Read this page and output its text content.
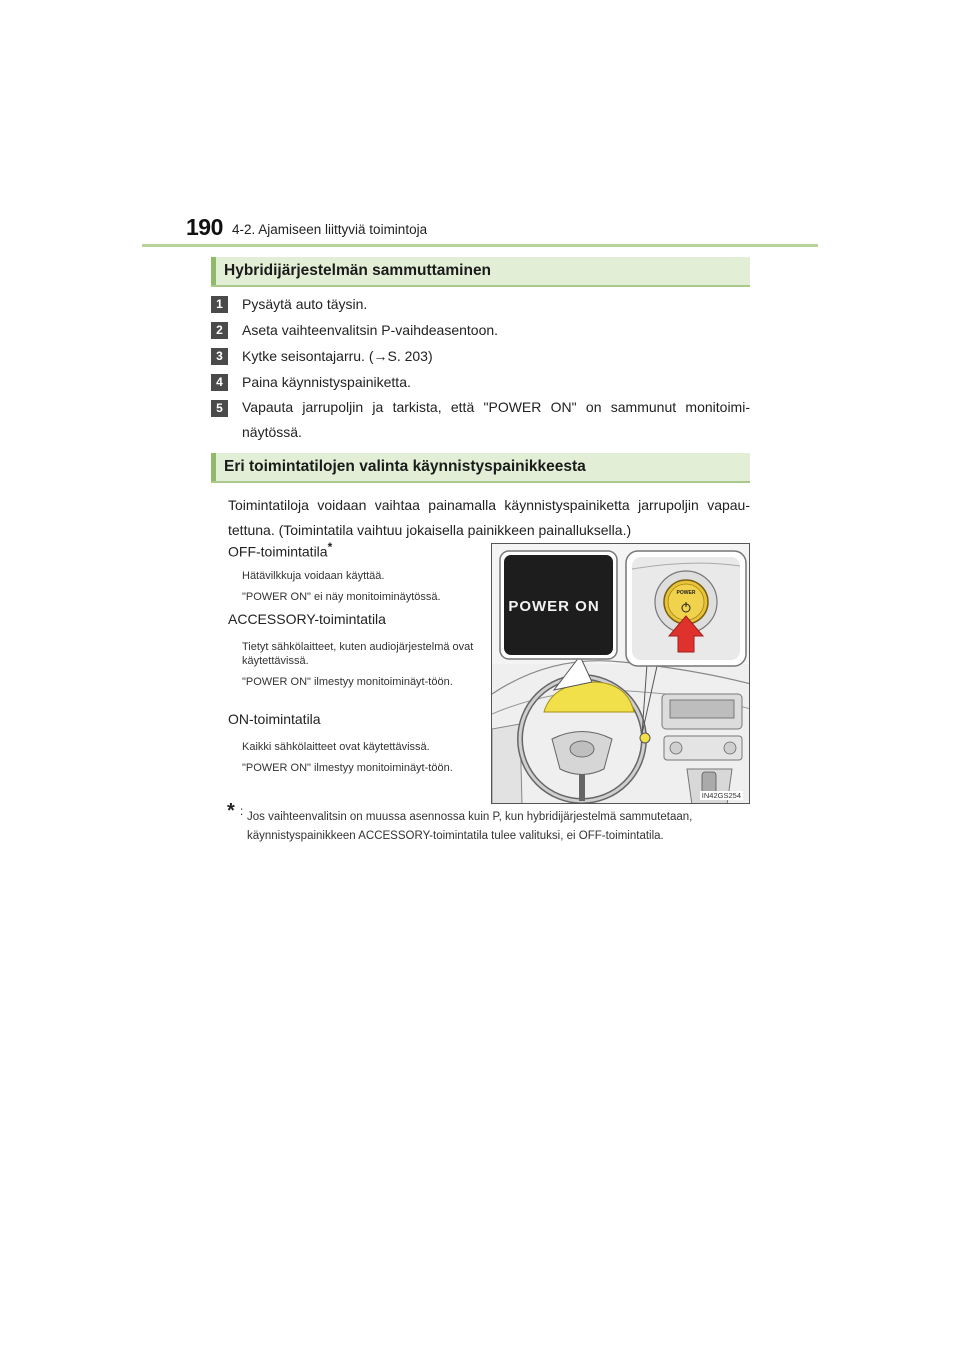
190 4-2. Ajamiseen liittyviä toimintoja
Hybridijärjestelmän sammuttaminen
1	Pysäytä auto täysin.
2	Aseta vaihteenvalitsin P-vaihdeasentoon.
3	Kytke seisontajarru. (→S. 203)
4	Paina käynnistyspainiketta.
5	Vapauta jarrupoljin ja tarkista, että "POWER ON" on sammunut monitoimi-näytössä.
Eri toimintatilojen valinta käynnistyspainikkeesta
Toimintatiloja voidaan vaihtaa painamalla käynnistyspainiketta jarrupoljin vapau-tettuna. (Toimintatila vaihtuu jokaisella painikkeen painalluksella.)
OFF-toimintatila*
Hätävilkkuja voidaan käyttää.
"POWER ON" ei näy monitoiminäytössä.
ACCESSORY-toimintatila
Tietyt sähkölaitteet, kuten audiojärjestelmä ovat käytettävissä.
"POWER ON" ilmestyy monitoiminäyt-töön.
ON-toimintatila
Kaikki sähkölaitteet ovat käytettävissä.
"POWER ON" ilmestyy monitoiminäyt-töön.
* : Jos vaihteenvalitsin on muussa asennossa kuin P, kun hybridijärjestelmä sammutetaan, käynnistyspainikkeen ACCESSORY-toimintatila tulee valituksi, ei OFF-toimintatila.
POWER ON
POWER
IN42GS254
